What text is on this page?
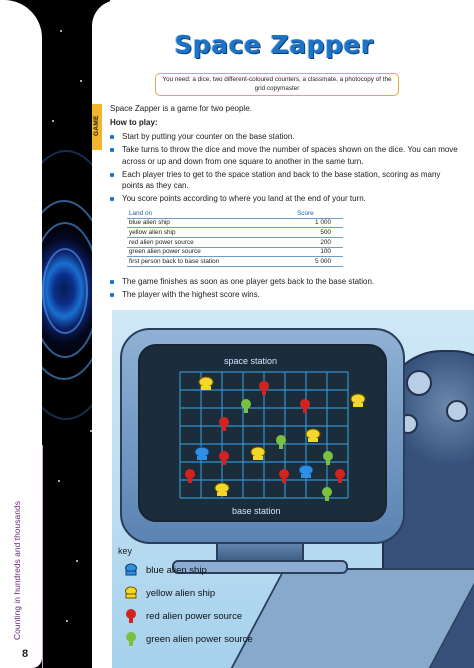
Counting in hundreds and thousands
8
Space Zapper
You need: a dice, two different-coloured counters, a classmate, a photocopy of the grid copymaster
GAME
Space Zapper is a game for two people.
How to play:
Start by putting your counter on the base station.
Take turns to throw the dice and move the number of spaces shown on the dice. You can move across or up and down from one square to another in the same turn.
Each player tries to get to the space station and back to the base station, scoring as many points as they can.
You score points according to where you land at the end of your turn.
Land on	Score
blue alien ship	1 000
yellow alien ship	500
red alien power source	200
green alien power source	100
first person back to base station	5 000
The game finishes as soon as one player gets back to the base station.
The player with the highest score wins.
space station
base station
key
blue alien ship
yellow alien ship
red alien power source
green alien power source
